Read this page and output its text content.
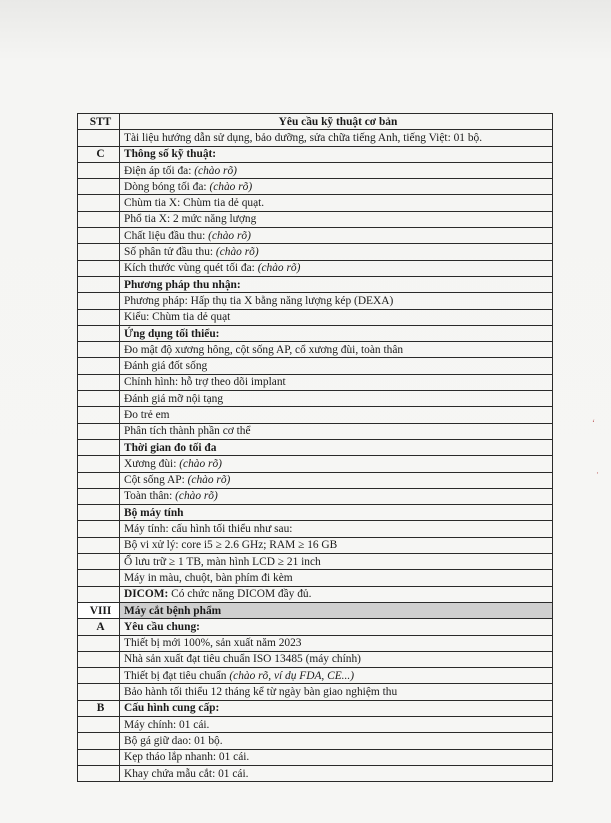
STT	Yêu cầu kỹ thuật cơ bản
	Tài liệu hướng dẫn sử dụng, bảo dưỡng, sửa chữa tiếng Anh, tiếng Việt: 01 bộ.
C	Thông số kỹ thuật:
	Điện áp tối đa: (chào rõ)
	Dòng bóng tối đa: (chào rõ)
	Chùm tia X: Chùm tia dẻ quạt.
	Phổ tia X: 2 mức năng lượng
	Chất liệu đầu thu: (chào rõ)
	Số phân tử đầu thu: (chào rõ)
	Kích thước vùng quét tối đa: (chào rõ)
	Phương pháp thu nhận:
	Phương pháp: Hấp thụ tia X bằng năng lượng kép (DEXA)
	Kiểu: Chùm tia dẻ quạt
	Ứng dụng tối thiểu:
	Đo mật độ xương hông, cột sống AP, cổ xương đùi, toàn thân
	Đánh giá đốt sống
	Chỉnh hình: hỗ trợ theo dõi implant
	Đánh giá mỡ nội tạng
	Đo trẻ em
	Phân tích thành phần cơ thể
	Thời gian đo tối đa
	Xương đùi: (chào rõ)
	Cột sống AP: (chào rõ)
	Toàn thân: (chào rõ)
	Bộ máy tính
	Máy tính: cấu hình tối thiểu như sau:
	Bộ vi xử lý: core i5 ≥ 2.6 GHz; RAM ≥ 16 GB
	Ổ lưu trữ ≥ 1 TB, màn hình LCD ≥ 21 inch
	Máy in màu, chuột, bàn phím đi kèm
	DICOM: Có chức năng DICOM đầy đủ.
VIII	Máy cắt bệnh phẩm
A	Yêu cầu chung:
	Thiết bị mới 100%, sản xuất năm 2023
	Nhà sản xuất đạt tiêu chuẩn ISO 13485 (máy chính)
	Thiết bị đạt tiêu chuẩn (chào rõ, ví dụ FDA, CE...)
	Bảo hành tối thiểu 12 tháng kể từ ngày bàn giao nghiệm thu
B	Cấu hình cung cấp:
	Máy chính: 01 cái.
	Bộ gá giữ dao: 01 bộ.
	Kẹp tháo lắp nhanh: 01 cái.
	Khay chứa mẫu cắt: 01 cái.
‘
·
